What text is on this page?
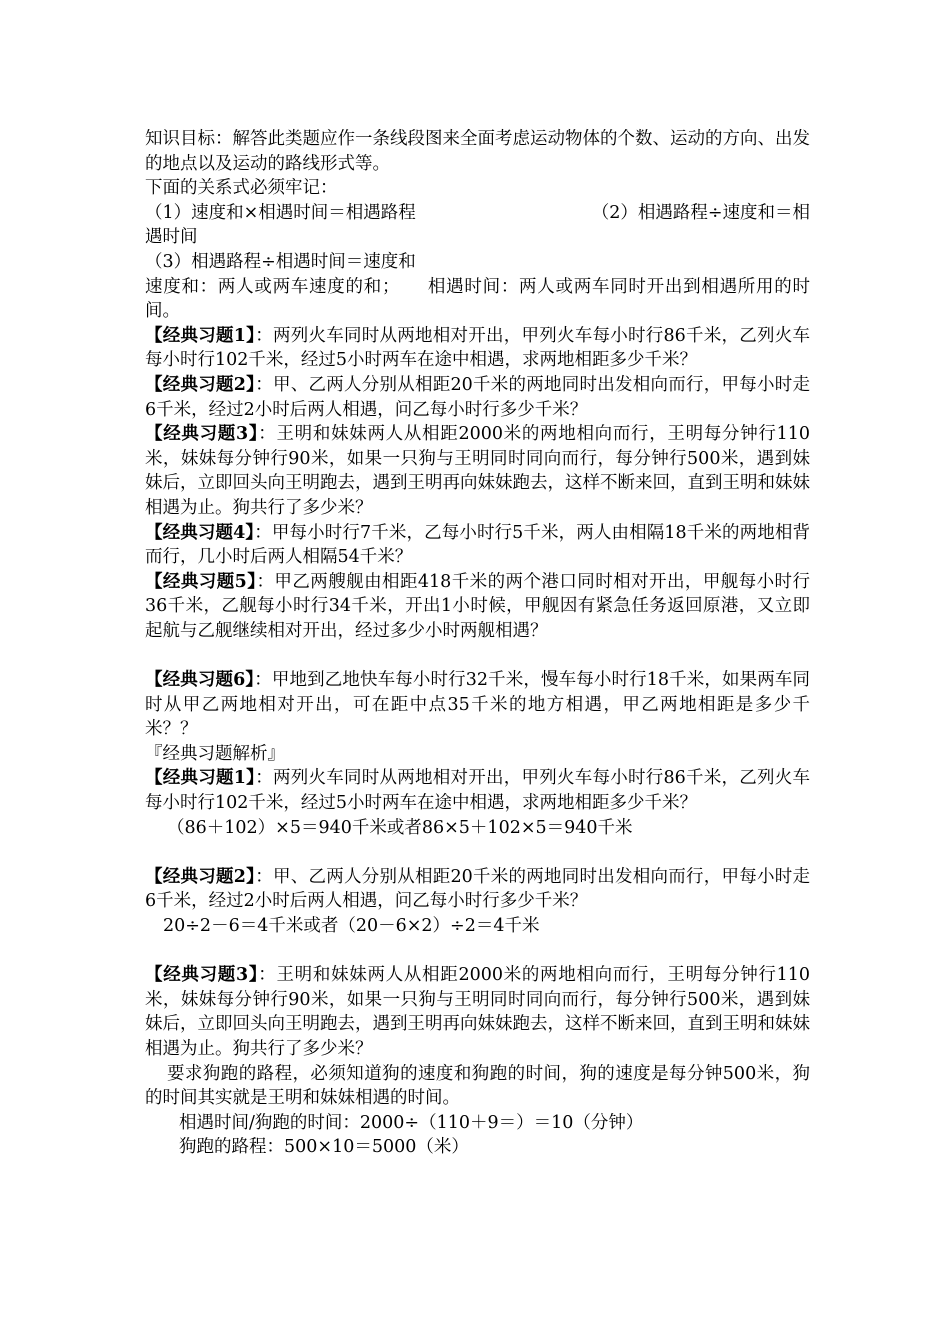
知识目标：解答此类题应作一条线段图来全面考虑运动物体的个数、运动的方向、出发的地点以及运动的路线形式等。

下面的关系式必须牢记：

（1）速度和×相遇时间＝相遇路程	（2）相遇路程÷速度和＝相

遇时间

（3）相遇路程÷相遇时间＝速度和

速度和：两人或两车速度的和；　　相遇时间：两人或两车同时开出到相遇所用的时间。

【经典习题1】：两列火车同时从两地相对开出，甲列火车每小时行86千米，乙列火车每小时行102千米，经过5小时两车在途中相遇，求两地相距多少千米？

【经典习题2】：甲、乙两人分别从相距20千米的两地同时出发相向而行，甲每小时走6千米，经过2小时后两人相遇，问乙每小时行多少千米？

【经典习题3】：王明和妹妹两人从相距2000米的两地相向而行，王明每分钟行110米，妹妹每分钟行90米，如果一只狗与王明同时同向而行，每分钟行500米，遇到妹妹后，立即回头向王明跑去，遇到王明再向妹妹跑去，这样不断来回，直到王明和妹妹相遇为止。狗共行了多少米？

【经典习题4】：甲每小时行7千米，乙每小时行5千米，两人由相隔18千米的两地相背而行，几小时后两人相隔54千米？

【经典习题5】：甲乙两艘舰由相距418千米的两个港口同时相对开出，甲舰每小时行36千米，乙舰每小时行34千米，开出1小时候，甲舰因有紧急任务返回原港，又立即起航与乙舰继续相对开出，经过多少小时两舰相遇？

【经典习题6】：甲地到乙地快车每小时行32千米，慢车每小时行18千米，如果两车同时从甲乙两地相对开出，可在距中点35千米的地方相遇，甲乙两地相距是多少千米？？

『经典习题解析』

【经典习题1】：两列火车同时从两地相对开出，甲列火车每小时行86千米，乙列火车每小时行102千米，经过5小时两车在途中相遇，求两地相距多少千米？

（86＋102）×5＝940千米或者86×5＋102×5＝940千米

【经典习题2】：甲、乙两人分别从相距20千米的两地同时出发相向而行，甲每小时走6千米，经过2小时后两人相遇，问乙每小时行多少千米？

20÷2－6＝4千米或者（20－6×2）÷2＝4千米

【经典习题3】：王明和妹妹两人从相距2000米的两地相向而行，王明每分钟行110米，妹妹每分钟行90米，如果一只狗与王明同时同向而行，每分钟行500米，遇到妹妹后，立即回头向王明跑去，遇到王明再向妹妹跑去，这样不断来回，直到王明和妹妹相遇为止。狗共行了多少米？

要求狗跑的路程，必须知道狗的速度和狗跑的时间，狗的速度是每分钟500米，狗的时间其实就是王明和妹妹相遇的时间。

相遇时间/狗跑的时间：2000÷（110＋9＝）＝10（分钟）

狗跑的路程：500×10＝5000（米）
